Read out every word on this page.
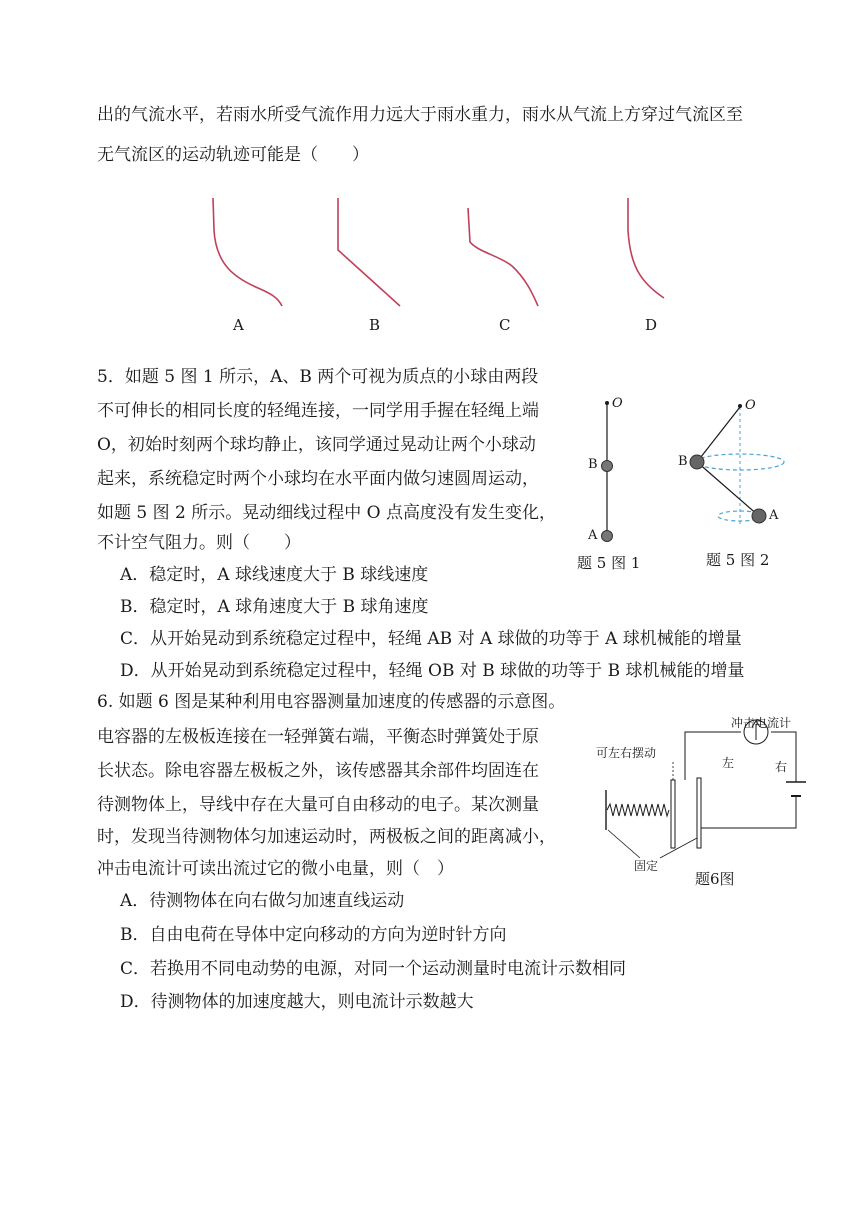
出的气流水平，若雨水所受气流作用力远大于雨水重力，雨水从气流上方穿过气流区至
无气流区的运动轨迹可能是（　　）
A	B	C	D
5．如题 5 图 1 所示，A、B 两个可视为质点的小球由两段
不可伸长的相同长度的轻绳连接，一同学用手握在轻绳上端
O，初始时刻两个球均静止，该同学通过晃动让两个小球动
起来，系统稳定时两个小球均在水平面内做匀速圆周运动，
如题 5 图 2 所示。晃动细线过程中 O 点高度没有发生变化，
不计空气阻力。则（　　）
O
B
A
题 5 图 1
O
B
A
题 5 图 2
A．稳定时，A 球线速度大于 B 球线速度
B．稳定时，A 球角速度大于 B 球角速度
C．从开始晃动到系统稳定过程中，轻绳 AB 对 A 球做的功等于 A 球机械能的增量
D．从开始晃动到系统稳定过程中，轻绳 OB 对 B 球做的功等于 B 球机械能的增量
6. 如题 6 图是某种利用电容器测量加速度的传感器的示意图。
电容器的左极板连接在一轻弹簧右端，平衡态时弹簧处于原
长状态。除电容器左极板之外，该传感器其余部件均固连在
待测物体上，导线中存在大量可自由移动的电子。某次测量
时，发现当待测物体匀加速运动时，两极板之间的距离减小，
冲击电流计可读出流过它的微小电量，则（　）
冲击电流计
可左右摆动
左	右
固定
题6图
A．待测物体在向右做匀加速直线运动
B．自由电荷在导体中定向移动的方向为逆时针方向
C．若换用不同电动势的电源，对同一个运动测量时电流计示数相同
D．待测物体的加速度越大，则电流计示数越大
